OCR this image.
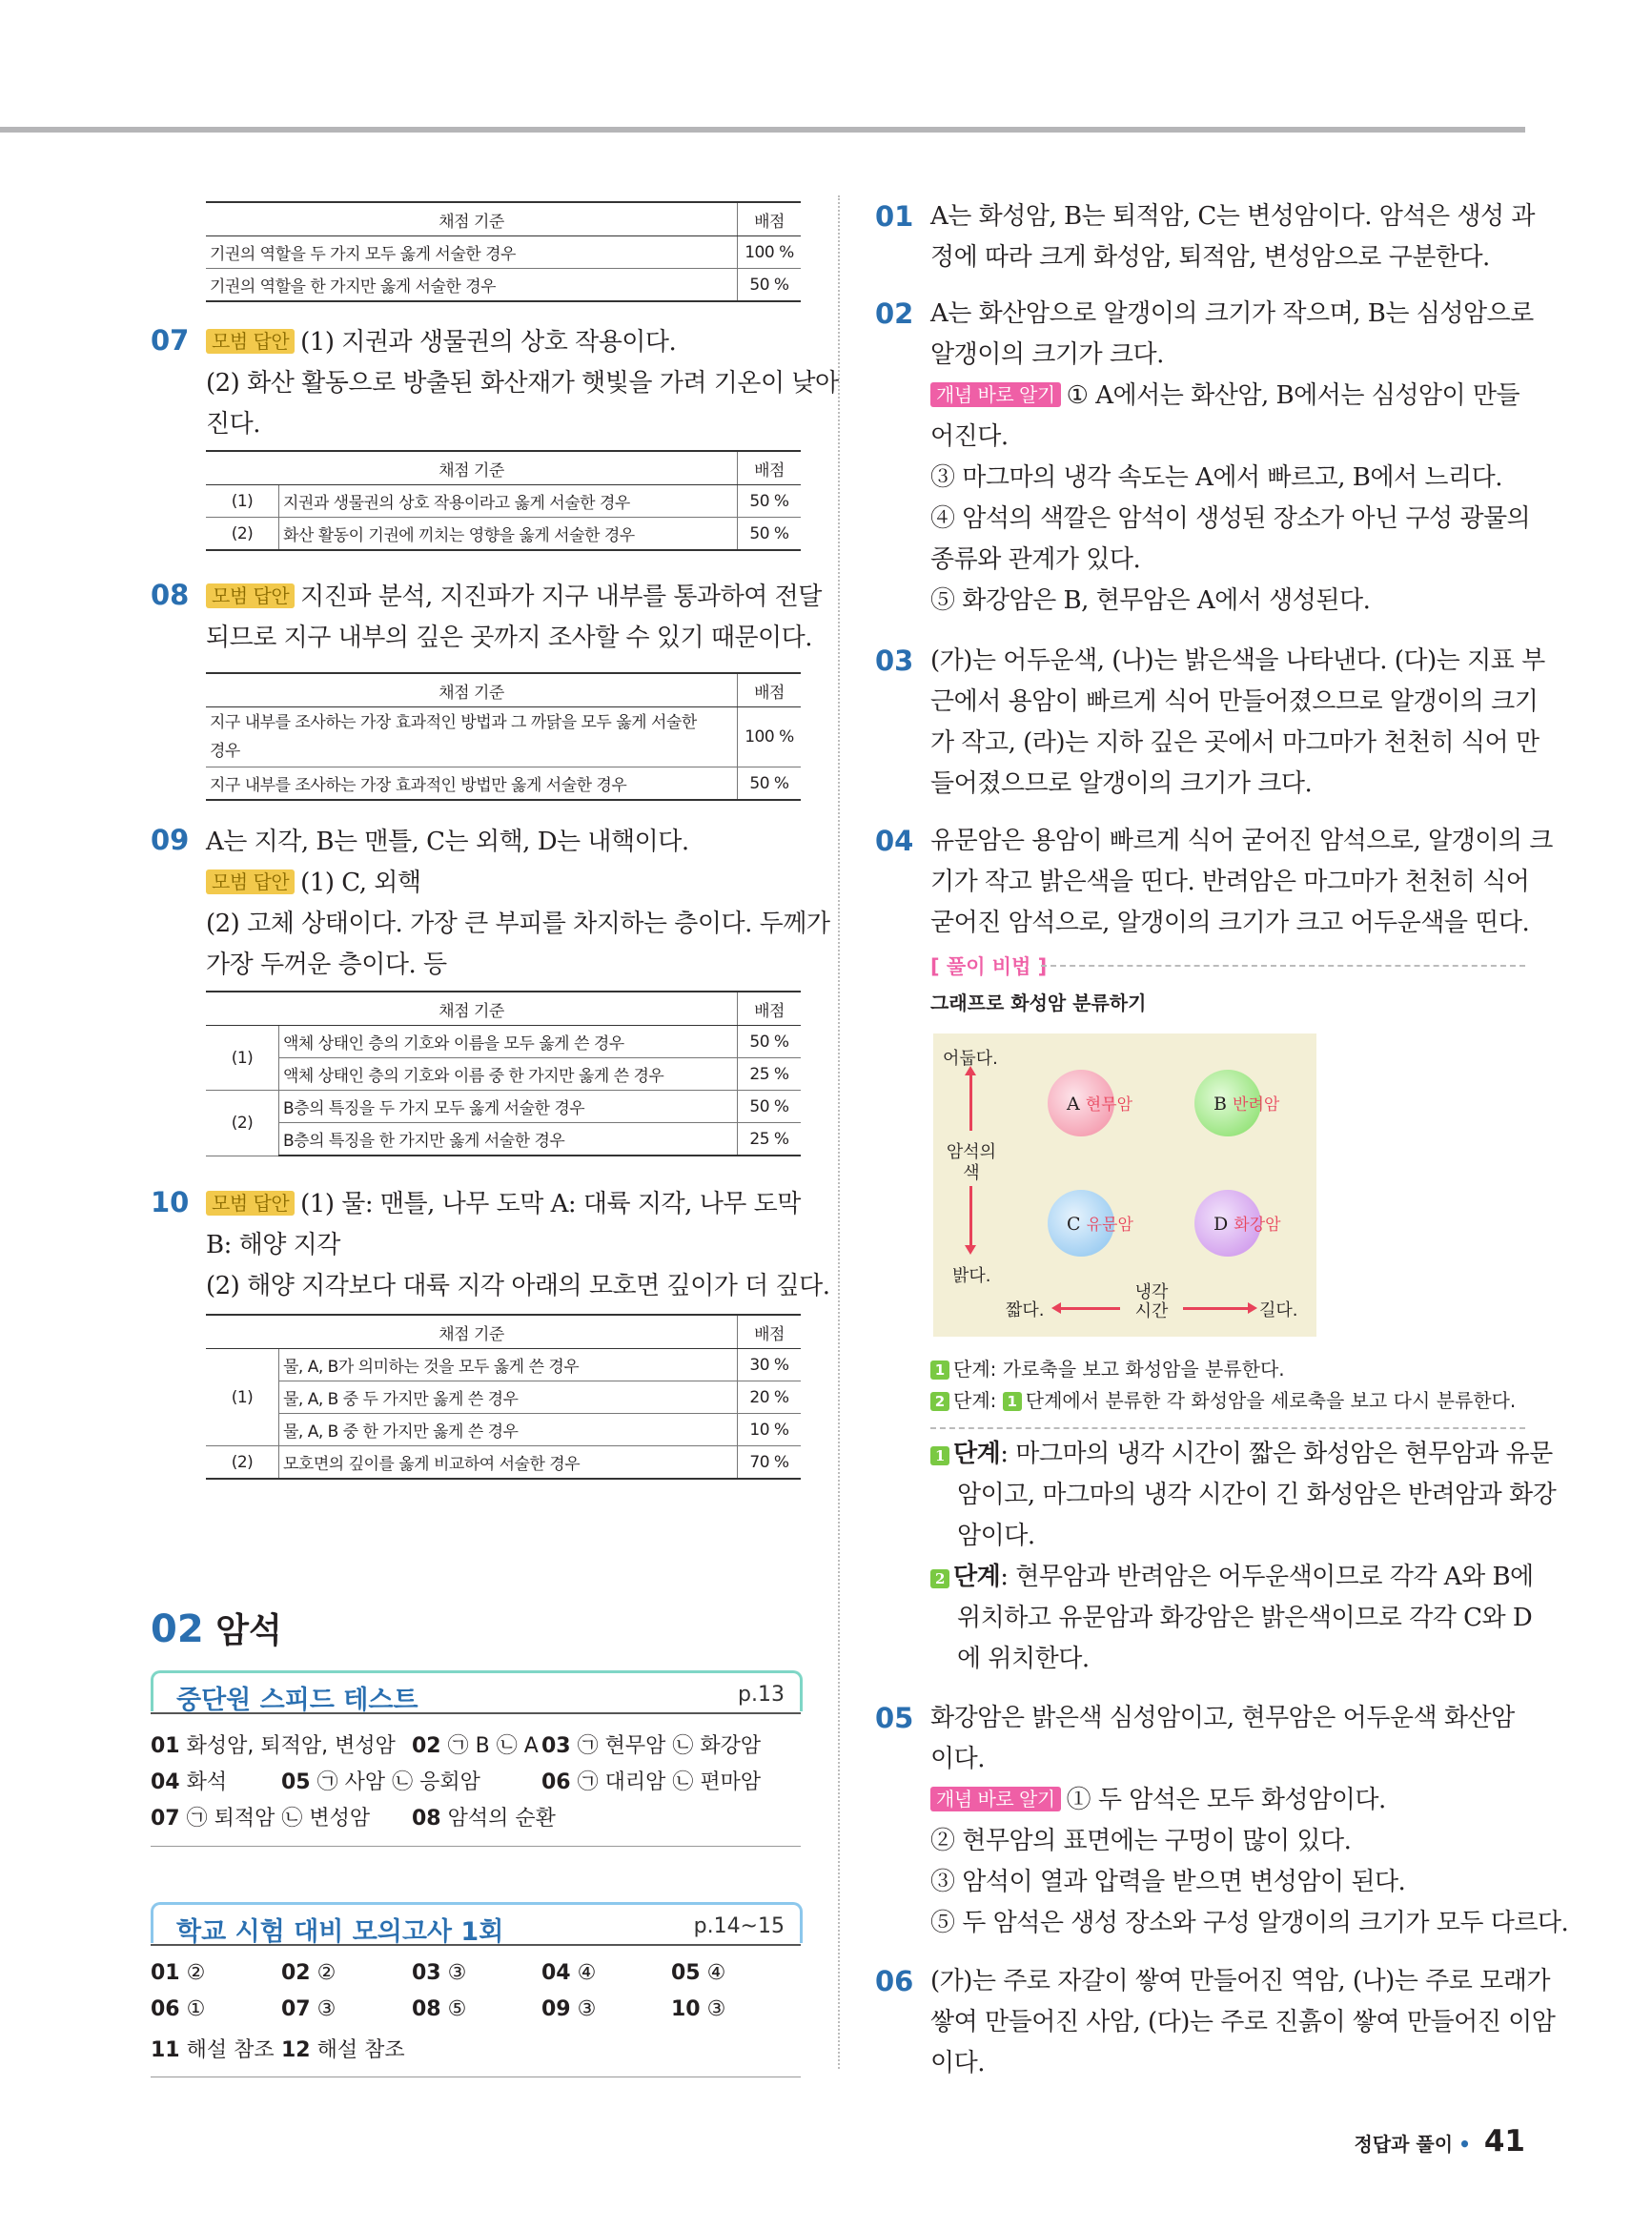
채점 기준	배점
기권의 역할을 두 가지 모두 옳게 서술한 경우	100 %
기권의 역할을 한 가지만 옳게 서술한 경우	50 %
07	모범 답안 (1) 지권과 생물권의 상호 작용이다.
(2) 화산 활동으로 방출된 화산재가 햇빛을 가려 기온이 낮아
진다.
채점 기준		배점
(1)	지권과 생물권의 상호 작용이라고 옳게 서술한 경우	50 %
(2)	화산 활동이 기권에 끼치는 영향을 옳게 서술한 경우	50 %
08	모범 답안 지진파 분석, 지진파가 지구 내부를 통과하여 전달
되므로 지구 내부의 깊은 곳까지 조사할 수 있기 때문이다.
채점 기준	배점
지구 내부를 조사하는 가장 효과적인 방법과 그 까닭을 모두 옳게 서술한
경우	100 %
지구 내부를 조사하는 가장 효과적인 방법만 옳게 서술한 경우	50 %
09 A는 지각, B는 맨틀, C는 외핵, D는 내핵이다.
모범 답안 (1) C, 외핵
(2) 고체 상태이다. 가장 큰 부피를 차지하는 층이다. 두께가
가장 두꺼운 층이다. 등
채점 기준		배점
(1)	액체 상태인 층의 기호와 이름을 모두 옳게 쓴 경우	50 %
	액체 상태인 층의 기호와 이름 중 한 가지만 옳게 쓴 경우	25 %
(2)	B층의 특징을 두 가지 모두 옳게 서술한 경우	50 %
	B층의 특징을 한 가지만 옳게 서술한 경우	25 %
10	모범 답안 (1) 물: 맨틀, 나무 도막 A: 대륙 지각, 나무 도막
B: 해양 지각
(2) 해양 지각보다 대륙 지각 아래의 모호면 깊이가 더 깊다.
채점 기준		배점
(1)	물, A, B가 의미하는 것을 모두 옳게 쓴 경우	30 %
	물, A, B 중 두 가지만 옳게 쓴 경우	20 %
	물, A, B 중 한 가지만 옳게 쓴 경우	10 %
(2)	모호면의 깊이를 옳게 비교하여 서술한 경우	70 %
02 암석
중단원 스피드 테스트	p.13
01 화성암, 퇴적암, 변성암 02 ㉠ B ㉡ A 03 ㉠ 현무암 ㉡ 화강암
04 화석	05 ㉠ 사암 ㉡ 응회암	06 ㉠ 대리암 ㉡ 편마암
07 ㉠ 퇴적암 ㉡ 변성암 08 암석의 순환
학교 시험 대비 모의고사 1회	p.14~15
01 ②	02 ②	03 ③	04 ④	05 ④
06 ①	07 ③	08 ⑤	09 ③	10 ③
11 해설 참조 12 해설 참조
01 A는 화성암, B는 퇴적암, C는 변성암이다. 암석은 생성 과
정에 따라 크게 화성암, 퇴적암, 변성암으로 구분한다.
02 A는 화산암으로 알갱이의 크기가 작으며, B는 심성암으로
알갱이의 크기가 크다.
개념 바로 알기 ① A에서는 화산암, B에서는 심성암이 만들
어진다.
③ 마그마의 냉각 속도는 A에서 빠르고, B에서 느리다.
④ 암석의 색깔은 암석이 생성된 장소가 아닌 구성 광물의
종류와 관계가 있다.
⑤ 화강암은 B, 현무암은 A에서 생성된다.
03 (가)는 어두운색, (나)는 밝은색을 나타낸다. (다)는 지표 부
근에서 용암이 빠르게 식어 만들어졌으므로 알갱이의 크기
가 작고, (라)는 지하 깊은 곳에서 마그마가 천천히 식어 만
들어졌으므로 알갱이의 크기가 크다.
04 유문암은 용암이 빠르게 식어 굳어진 암석으로, 알갱이의 크
기가 작고 밝은색을 띤다. 반려암은 마그마가 천천히 식어
굳어진 암석으로, 알갱이의 크기가 크고 어두운색을 띤다.
[ 풀이 비법 ]
그래프로 화성암 분류하기
어둡다.
암석의 색
밝다.
짧다.
냉각 시간	길다.
A 현무암	B 반려암
C 유문암	D 화강암
1 단계: 가로축을 보고 화성암을 분류한다.
2 단계: 1 단계에서 분류한 각 화성암을 세로축을 보고 다시 분류한다.
1 단계: 마그마의 냉각 시간이 짧은 화성암은 현무암과 유문
암이고, 마그마의 냉각 시간이 긴 화성암은 반려암과 화강
암이다.
2 단계: 현무암과 반려암은 어두운색이므로 각각 A와 B에
위치하고 유문암과 화강암은 밝은색이므로 각각 C와 D
에 위치한다.
05 화강암은 밝은색 심성암이고, 현무암은 어두운색 화산암
이다.
개념 바로 알기 ① 두 암석은 모두 화성암이다.
② 현무암의 표면에는 구멍이 많이 있다.
③ 암석이 열과 압력을 받으면 변성암이 된다.
⑤ 두 암석은 생성 장소와 구성 알갱이의 크기가 모두 다르다.
06 (가)는 주로 자갈이 쌓여 만들어진 역암, (나)는 주로 모래가
쌓여 만들어진 사암, (다)는 주로 진흙이 쌓여 만들어진 이암
이다.
정답과 풀이 • 41
